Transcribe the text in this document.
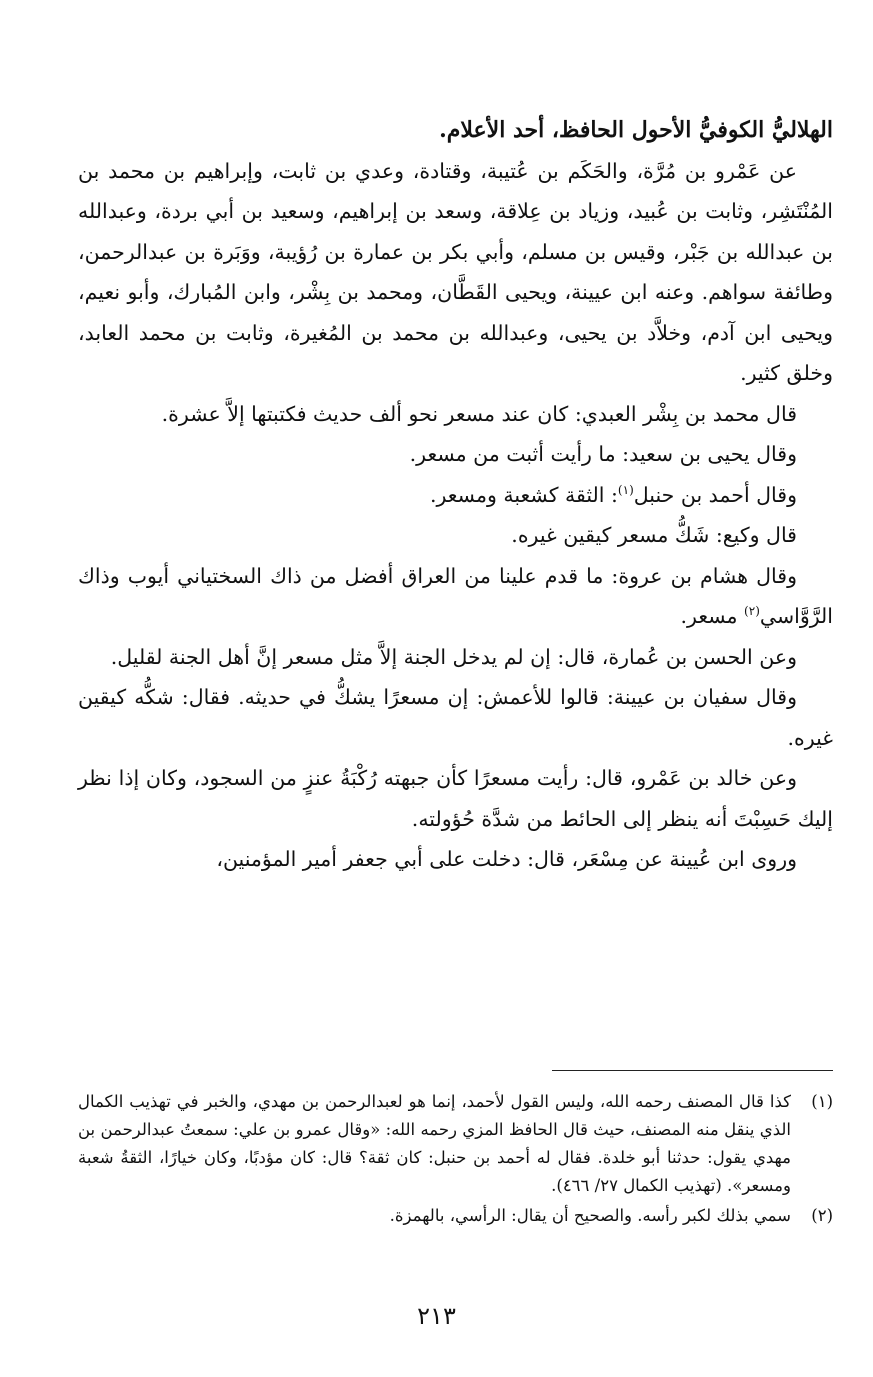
الهلاليُّ الكوفيُّ الأحول الحافظ، أحد الأعلام.

عن عَمْرو بن مُرَّة، والحَكَم بن عُتيبة، وقتادة، وعدي بن ثابت، وإبراهيم بن محمد بن المُنْتَشِر، وثابت بن عُبيد، وزياد بن عِلاقة، وسعد بن إبراهيم، وسعيد بن أبي بردة، وعبدالله بن عبدالله بن جَبْر، وقيس بن مسلم، وأبي بكر بن عمارة بن رُؤيبة، ووَبَرة بن عبدالرحمن، وطائفة سواهم. وعنه ابن عيينة، ويحيى القَطَّان، ومحمد بن بِشْر، وابن المُبارك، وأبو نعيم، ويحيى ابن آدم، وخلاَّد بن يحيى، وعبدالله بن محمد بن المُغيرة، وثابت بن محمد العابد، وخلق كثير.

قال محمد بن بِشْر العبدي: كان عند مسعر نحو ألف حديث فكتبتها إلاَّ عشرة.

وقال يحيى بن سعيد: ما رأيت أثبت من مسعر.

وقال أحمد بن حنبل$^{(١)}$: الثقة كشعبة ومسعر.

قال وكيع: شَكُّ مسعر كيقين غيره.

وقال هشام بن عروة: ما قدم علينا من العراق أفضل من ذاك السختياني أيوب وذاك الرَّوَّاسي$^{(٢)}$ مسعر.

وعن الحسن بن عُمارة، قال: إن لم يدخل الجنة إلاَّ مثل مسعر إنَّ أهل الجنة لقليل.

وقال سفيان بن عيينة: قالوا للأعمش: إن مسعرًا يشكُّ في حديثه. فقال: شكُّه كيقين غيره.

وعن خالد بن عَمْرو، قال: رأيت مسعرًا كأن جبهته رُكْبَةُ عنزٍ من السجود، وكان إذا نظر إليك حَسِبْتَ أنه ينظر إلى الحائط من شدَّة حُؤولته.

وروى ابن عُيينة عن مِسْعَر، قال: دخلت على أبي جعفر أمير المؤمنين،

(١)
كذا قال المصنف رحمه الله، وليس القول لأحمد، إنما هو لعبدالرحمن بن مهدي، والخبر في تهذيب الكمال الذي ينقل منه المصنف، حيث قال الحافظ المزي رحمه الله: «وقال عمرو بن علي: سمعتُ عبدالرحمن بن مهدي يقول: حدثنا أبو خلدة. فقال له أحمد بن حنبل: كان ثقة؟ قال: كان مؤدبًا، وكان خيارًا، الثقةُ شعبة ومسعر». (تهذيب الكمال ٢٧/ ٤٦٦).
(٢)
سمي بذلك لكبر رأسه. والصحيح أن يقال: الرأسي، بالهمزة.
٢١٣
